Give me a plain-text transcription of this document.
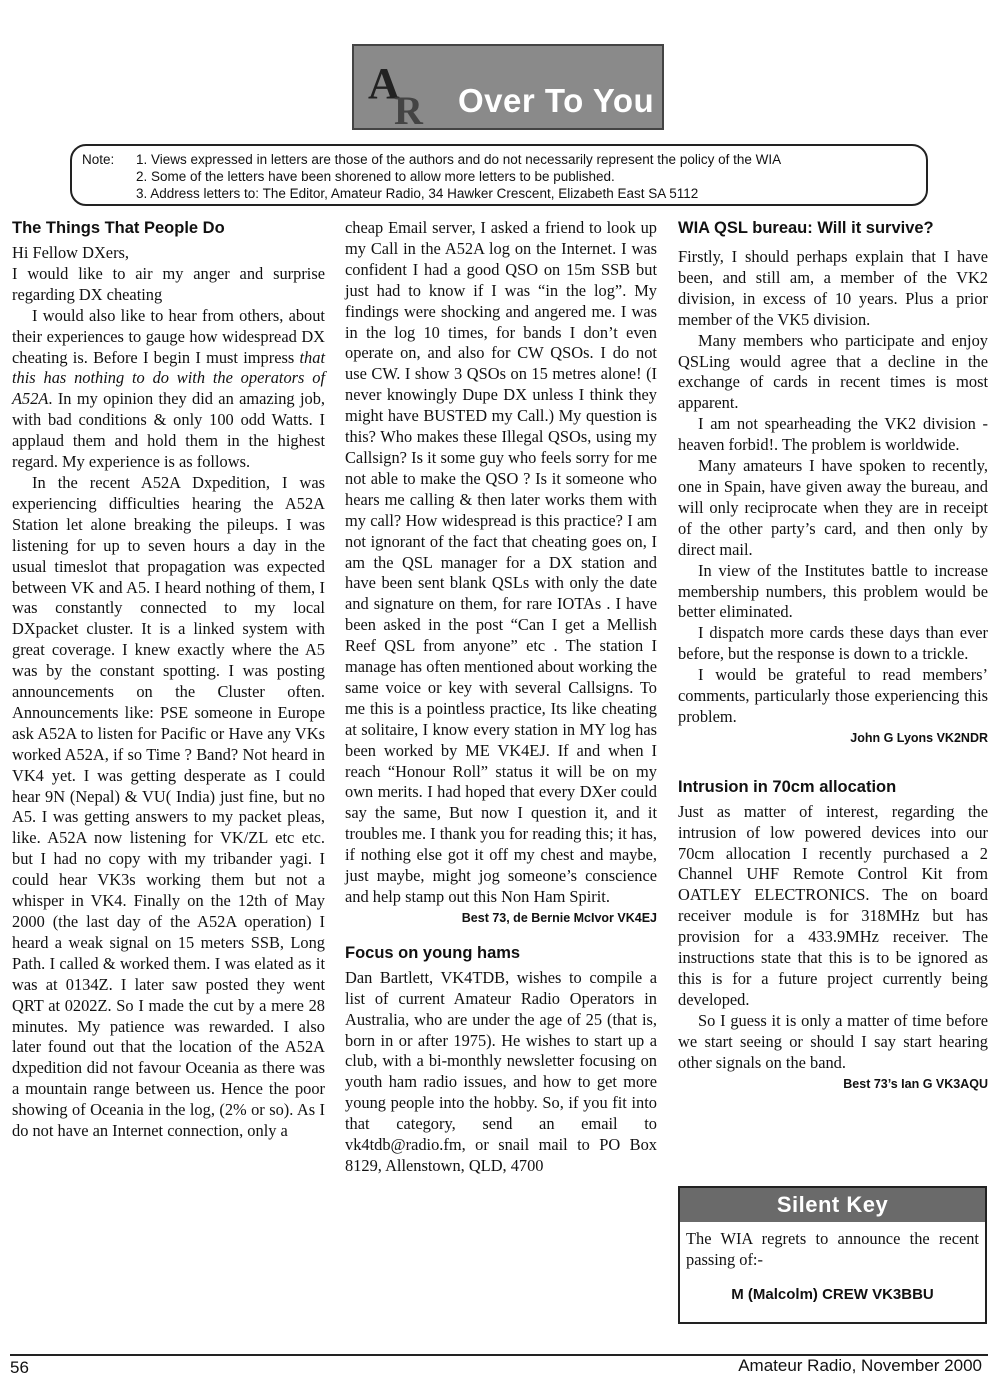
A
R Over To You
Note: 1. Views expressed in letters are those of the authors and do not necessarily represent the policy of the WIA
2. Some of the letters have been shorened to allow more letters to be published.
3. Address letters to: The Editor, Amateur Radio, 34 Hawker Crescent, Elizabeth East SA 5112
The Things That People Do

Hi Fellow DXers,

I would like to air my anger and surprise regarding DX cheating

I would also like to hear from others, about their experiences to gauge how widespread DX cheating is. Before I begin I must impress that this has nothing to do with the operators of A52A. In my opinion they did an amazing job, with bad conditions & only 100 odd Watts. I applaud them and hold them in the highest regard. My experience is as follows.

In the recent A52A Dxpedition, I was experiencing difficulties hearing the A52A Station let alone breaking the pileups. I was listening for up to seven hours a day in the usual timeslot that propagation was expected between VK and A5. I heard nothing of them, I was constantly connected to my local DXpacket cluster. It is a linked system with great coverage. I knew exactly where the A5 was by the constant spotting. I was posting announcements on the Cluster often. Announcements like: PSE someone in Europe ask A52A to listen for Pacific or Have any VKs worked A52A, if so Time ? Band? Not heard in VK4 yet. I was getting desperate as I could hear 9N (Nepal) & VU( India) just fine, but no A5. I was getting answers to my packet pleas, like. A52A now listening for VK/ZL etc etc. but I had no copy with my tribander yagi. I could hear VK3s working them but not a whisper in VK4. Finally on the 12th of May 2000 (the last day of the A52A operation) I heard a weak signal on 15 meters SSB, Long Path. I called & worked them. I was elated as it was at 0134Z. I later saw posted they went QRT at 0202Z. So I made the cut by a mere 28 minutes. My patience was rewarded. I also later found out that the location of the A52A dxpedition did not favour Oceania as there was a mountain range between us. Hence the poor showing of Oceania in the log, (2% or so). As I do not have an Internet connection, only a

cheap Email server, I asked a friend to look up my Call in the A52A log on the Internet. I was confident I had a good QSO on 15m SSB but just had to know if I was “in the log”. My findings were shocking and angered me. I was in the log 10 times, for bands I don’t even operate on, and also for CW QSOs. I do not use CW. I show 3 QSOs on 15 metres alone! (I never knowingly Dupe DX unless I think they might have BUSTED my Call.) My question is this? Who makes these Illegal QSOs, using my Callsign? Is it some guy who feels sorry for me not able to make the QSO ? Is it someone who hears me calling & then later works them with my call? How widespread is this practice? I am not ignorant of the fact that cheating goes on, I am the QSL manager for a DX station and have been sent blank QSLs with only the date and signature on them, for rare IOTAs . I have been asked in the post “Can I get a Mellish Reef QSL from anyone” etc . The station I manage has often mentioned about working the same voice or key with several Callsigns. To me this is a pointless practice, Its like cheating at solitaire, I know every station in MY log has been worked by ME VK4EJ. If and when I reach “Honour Roll” status it will be on my own merits. I had hoped that every DXer could say the same, But now I question it, and it troubles me. I thank you for reading this; it has, if nothing else got it off my chest and maybe, just maybe, might jog someone’s conscience and help stamp out this Non Ham Spirit.

Best 73, de Bernie McIvor VK4EJ

Focus on young hams

Dan Bartlett, VK4TDB, wishes to compile a list of current Amateur Radio Operators in Australia, who are under the age of 25 (that is, born in or after 1975). He wishes to start up a club, with a bi-monthly newsletter focusing on youth ham radio issues, and how to get more young people into the hobby. So, if you fit into that category, send an email to vk4tdb@radio.fm, or snail mail to PO Box 8129, Allenstown, QLD, 4700

WIA QSL bureau: Will it survive?

Firstly, I should perhaps explain that I have been, and still am, a member of the VK2 division, in excess of 10 years. Plus a prior member of the VK5 division.

Many members who participate and enjoy QSLing would agree that a decline in the exchange of cards in recent times is most apparent.

I am not spearheading the VK2 division - heaven forbid!. The problem is worldwide.

Many amateurs I have spoken to recently, one in Spain, have given away the bureau, and will only reciprocate when they are in receipt of the other party’s card, and then only by direct mail.

In view of the Institutes battle to increase membership numbers, this problem would be better eliminated.

I dispatch more cards these days than ever before, but the response is down to a trickle.

I would be grateful to read members’ comments, particularly those experiencing this problem.

John G Lyons VK2NDR

Intrusion in 70cm allocation

Just as matter of interest, regarding the intrusion of low powered devices into our 70cm allocation I recently purchased a 2 Channel UHF Remote Control Kit from OATLEY ELECTRONICS. The on board receiver module is for 318MHz but has provision for a 433.9MHz receiver. The instructions state that this is to be ignored as this is for a future project currently being developed.

So I guess it is only a matter of time before we start seeing or should I say start hearing other signals on the band.

Best 73’s Ian G VK3AQU

Silent Key
The WIA regrets to announce the recent passing of:-
M (Malcolm) CREW VK3BBU
56	Amateur Radio, November 2000
